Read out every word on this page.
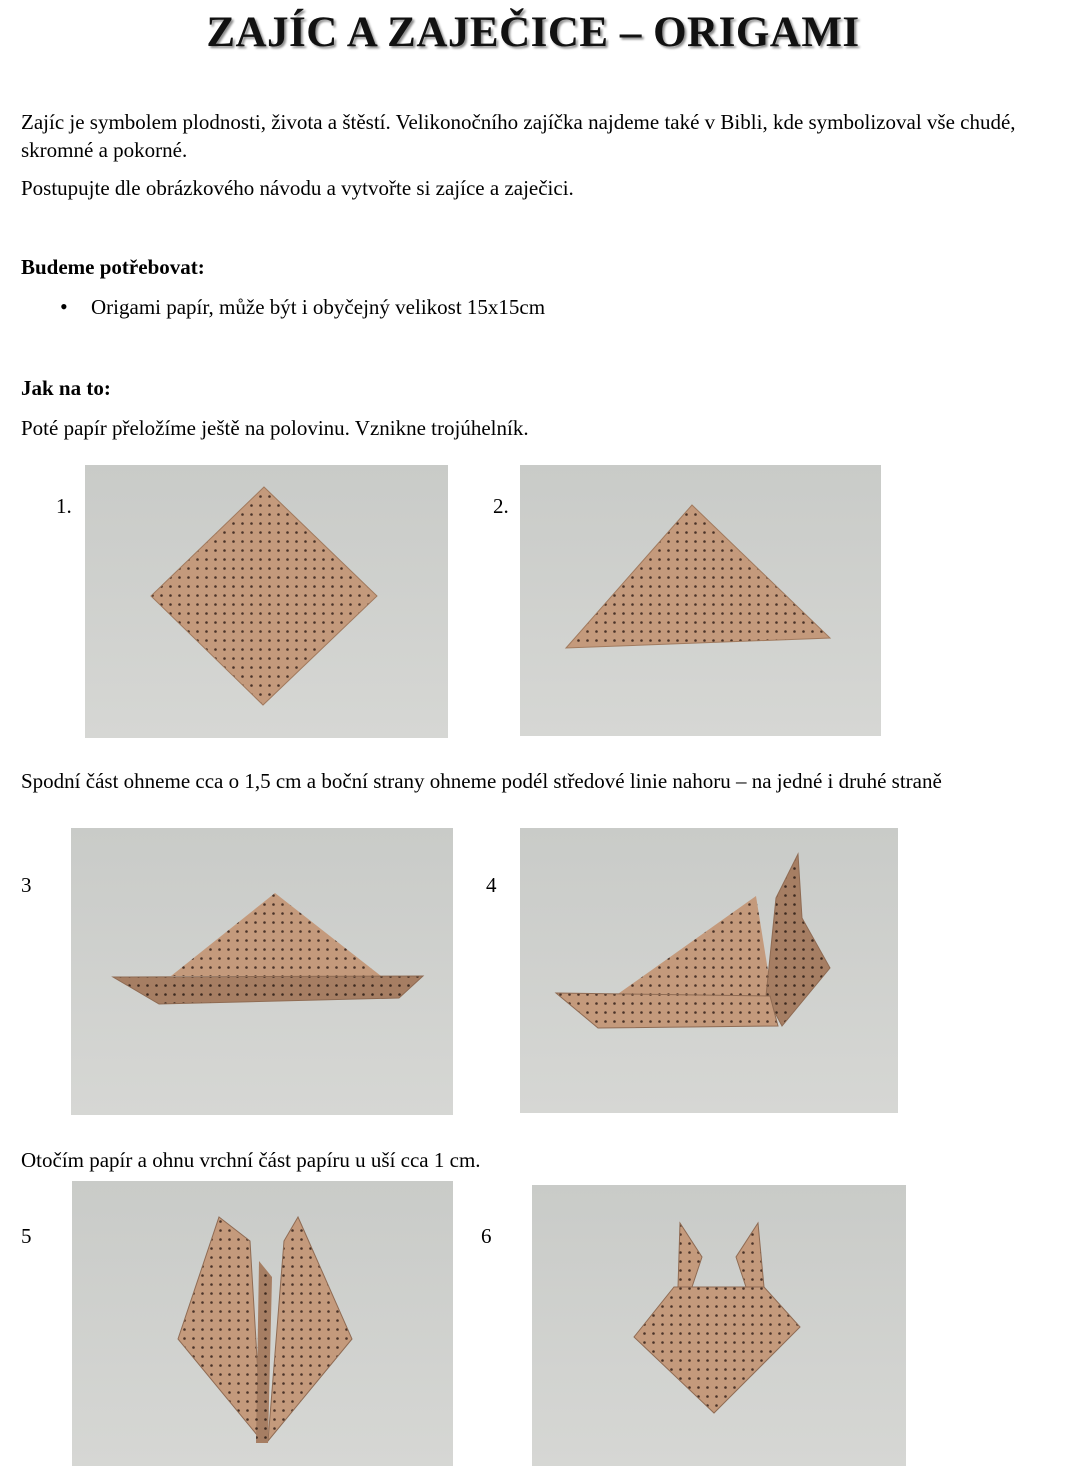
ZAJÍC A ZAJEČICE – ORIGAMI
Zajíc je symbolem plodnosti, života a štěstí. Velikonočního zajíčka najdeme také v Bibli, kde symbolizoval vše chudé, skromné a pokorné.
Postupujte dle obrázkového návodu a vytvořte si zajíce a zaječici.
Budeme potřebovat:
• Origami papír, může být i obyčejný velikost 15x15cm
Jak na to:
Poté papír přeložíme ještě na polovinu. Vznikne trojúhelník.
1.	2.
Spodní část ohneme cca o 1,5 cm a boční strany ohneme podél středové linie nahoru – na jedné i druhé straně
3	4
Otočím papír a ohnu vrchní část papíru u uší cca 1 cm.
5	6
